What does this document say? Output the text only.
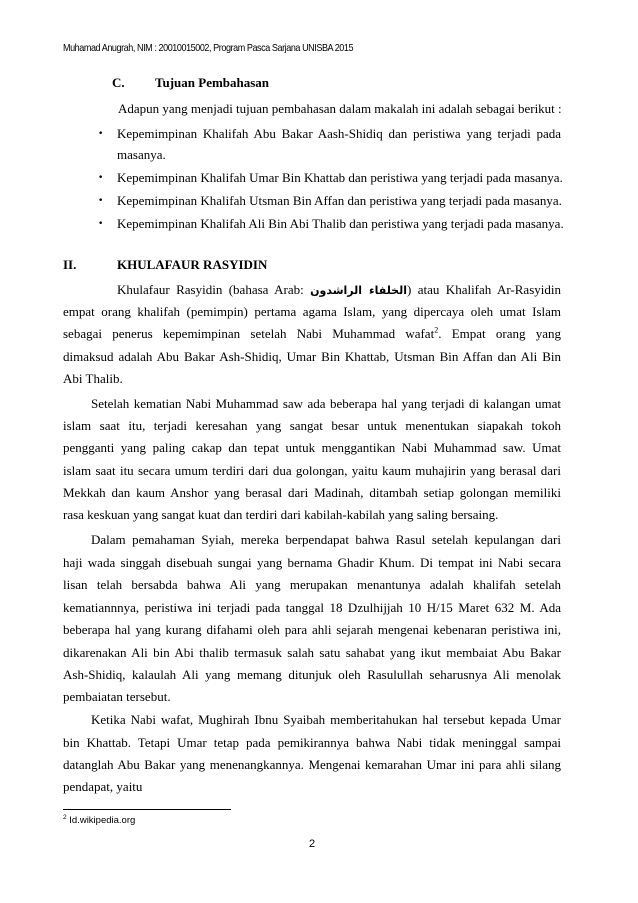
Muhamad Anugrah, NIM : 20010015002, Program Pasca Sarjana UNISBA 2015
C. Tujuan Pembahasan
Adapun yang menjadi tujuan pembahasan dalam makalah ini adalah sebagai berikut :
• Kepemimpinan Khalifah Abu Bakar Aash-Shidiq dan peristiwa yang terjadi pada
masanya.
• Kepemimpinan Khalifah Umar Bin Khattab dan peristiwa yang terjadi pada masanya.
• Kepemimpinan Khalifah Utsman Bin Affan dan peristiwa yang terjadi pada masanya.
• Kepemimpinan Khalifah Ali Bin Abi Thalib dan peristiwa yang terjadi pada masanya.
II.	KHULAFAUR RASYIDIN
Khulafaur Rasyidin (bahasa Arab: الخلفاء الراشدون) atau Khalifah Ar-Rasyidin
empat orang khalifah (pemimpin) pertama agama Islam, yang dipercaya oleh umat Islam
sebagai penerus kepemimpinan setelah Nabi Muhammad wafat$^2$. Empat orang yang
dimaksud adalah Abu Bakar Ash-Shidiq, Umar Bin Khattab, Utsman Bin Affan dan Ali Bin
Abi Thalib.
Setelah kematian Nabi Muhammad saw ada beberapa hal yang terjadi di kalangan umat
islam saat itu, terjadi keresahan yang sangat besar untuk menentukan siapakah tokoh
pengganti yang paling cakap dan tepat untuk menggantikan Nabi Muhammad saw. Umat
islam saat itu secara umum terdiri dari dua golongan, yaitu kaum muhajirin yang berasal dari
Mekkah dan kaum Anshor yang berasal dari Madinah, ditambah setiap golongan memiliki
rasa keskuan yang sangat kuat dan terdiri dari kabilah-kabilah yang saling bersaing.
Dalam pemahaman Syiah, mereka berpendapat bahwa Rasul setelah kepulangan dari
haji wada singgah disebuah sungai yang bernama Ghadir Khum. Di tempat ini Nabi secara
lisan telah bersabda bahwa Ali yang merupakan menantunya adalah khalifah setelah
kematiannnya, peristiwa ini terjadi pada tanggal 18 Dzulhijjah 10 H/15 Maret 632 M. Ada
beberapa hal yang kurang difahami oleh para ahli sejarah mengenai kebenaran peristiwa ini,
dikarenakan Ali bin Abi thalib termasuk salah satu sahabat yang ikut membaiat Abu Bakar
Ash-Shidiq, kalaulah Ali yang memang ditunjuk oleh Rasulullah seharusnya Ali menolak
pembaiatan tersebut.
Ketika Nabi wafat, Mughirah Ibnu Syaibah memberitahukan hal tersebut kepada Umar
bin Khattab. Tetapi Umar tetap pada pemikirannya bahwa Nabi tidak meninggal sampai
datanglah Abu Bakar yang menenangkannya. Mengenai kemarahan Umar ini para ahli silang
pendapat, yaitu
$^2$ Id.wikipedia.org
2
